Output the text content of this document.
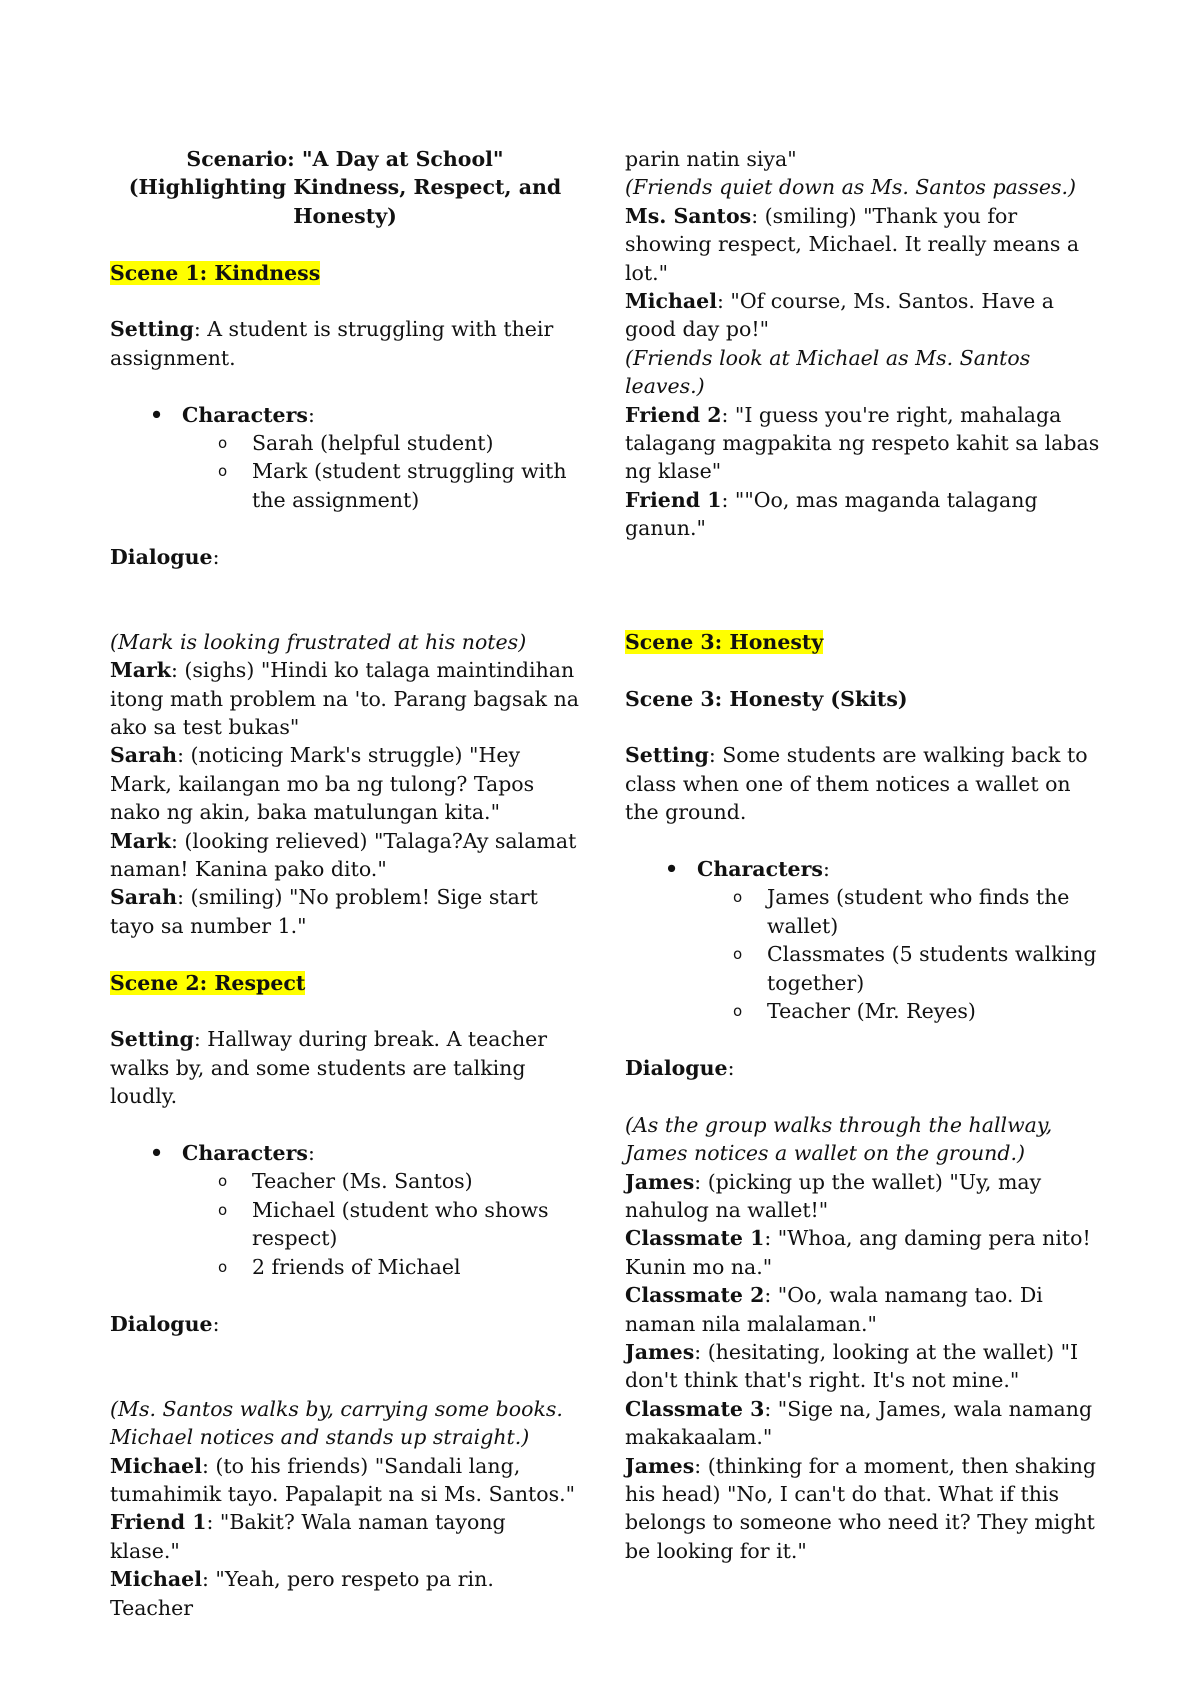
Scenario: "A Day at School" (Highlighting Kindness, Respect, and Honesty)

Scene 1: Kindness

Setting: A student is struggling with their assignment.

• Characters:
o Sarah (helpful student)
o Mark (student struggling with the assignment)

Dialogue:

(Mark is looking frustrated at his notes)

Mark: (sighs) "Hindi ko talaga maintindihan itong math problem na 'to. Parang bagsak na ako sa test bukas"

Sarah: (noticing Mark's struggle) "Hey Mark, kailangan mo ba ng tulong? Tapos nako ng akin, baka matulungan kita."

Mark: (looking relieved) "Talaga?Ay salamat naman! Kanina pako dito."

Sarah: (smiling) "No problem! Sige start tayo sa number 1."

Scene 2: Respect

Setting: Hallway during break. A teacher walks by, and some students are talking loudly.

• Characters:
o Teacher (Ms. Santos)
o Michael (student who shows respect)
o 2 friends of Michael

Dialogue:

(Ms. Santos walks by, carrying some books. Michael notices and stands up straight.)

Michael: (to his friends) "Sandali lang, tumahimik tayo. Papalapit na si Ms. Santos."

Friend 1: "Bakit? Wala naman tayong klase."

Michael: "Yeah, pero respeto pa rin. Teacher

parin natin siya"

(Friends quiet down as Ms. Santos passes.)

Ms. Santos: (smiling) "Thank you for showing respect, Michael. It really means a lot."

Michael: "Of course, Ms. Santos. Have a good day po!"

(Friends look at Michael as Ms. Santos leaves.)

Friend 2: "I guess you're right, mahalaga talagang magpakita ng respeto kahit sa labas ng klase"

Friend 1: ""Oo, mas maganda talagang ganun."

Scene 3: Honesty

Scene 3: Honesty (Skits)

Setting: Some students are walking back to class when one of them notices a wallet on the ground.

• Characters:
o James (student who finds the wallet)
o Classmates (5 students walking together)
o Teacher (Mr. Reyes)

Dialogue:

(As the group walks through the hallway, James notices a wallet on the ground.)

James: (picking up the wallet) "Uy, may nahulog na wallet!"

Classmate 1: "Whoa, ang daming pera nito! Kunin mo na."

Classmate 2: "Oo, wala namang tao. Di naman nila malalaman."

James: (hesitating, looking at the wallet) "I don't think that's right. It's not mine."

Classmate 3: "Sige na, James, wala namang makakaalam."

James: (thinking for a moment, then shaking his head) "No, I can't do that. What if this belongs to someone who need it? They might be looking for it."
